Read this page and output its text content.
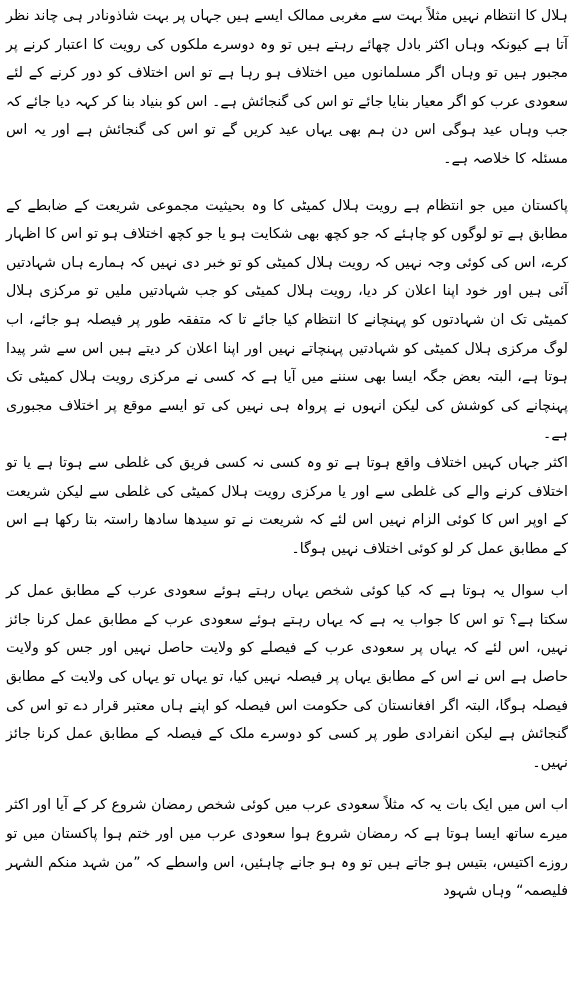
ہلال کا انتظام نہیں مثلاً بہت سے مغربی ممالک ایسے ہیں جہاں پر بہت شاذونادر ہی چاند نظر آتا ہے کیونکہ وہاں اکثر بادل چھائے رہتے ہیں تو وہ دوسرے ملکوں کی رویت کا اعتبار کرنے پر مجبور ہیں تو وہاں اگر مسلمانوں میں اختلاف ہو رہا ہے تو اس اختلاف کو دور کرنے کے لئے سعودی عرب کو اگر معیار بنایا جائے تو اس کی گنجائش ہے۔ اس کو بنیاد بنا کر کہہ دیا جائے کہ جب وہاں عید ہوگی اس دن ہم بھی یہاں عید کریں گے تو اس کی گنجائش ہے اور یہ اس مسئلہ کا خلاصہ ہے۔

پاکستان میں جو انتظام ہے رویت ہلال کمیٹی کا وہ بحیثیت مجموعی شریعت کے ضابطے کے مطابق ہے تو لوگوں کو چاہئے کہ جو کچھ بھی شکایت ہو یا جو کچھ اختلاف ہو تو اس کا اظہار کرے، اس کی کوئی وجہ نہیں کہ رویت ہلال کمیٹی کو تو خبر دی نہیں کہ ہمارے ہاں شہادتیں آئی ہیں اور خود اپنا اعلان کر دیا، رویت ہلال کمیٹی کو جب شہادتیں ملیں تو مرکزی ہلال کمیٹی تک ان شہادتوں کو پہنچانے کا انتظام کیا جائے تا کہ متفقہ طور پر فیصلہ ہو جائے، اب لوگ مرکزی ہلال کمیٹی کو شہادتیں پہنچاتے نہیں اور اپنا اعلان کر دیتے ہیں اس سے شر پیدا ہوتا ہے، البتہ بعض جگہ ایسا بھی سننے میں آیا ہے کہ کسی نے مرکزی رویت ہلال کمیٹی تک پہنچانے کی کوشش کی لیکن انہوں نے پرواہ ہی نہیں کی تو ایسے موقع پر اختلاف مجبوری ہے۔

اکثر جہاں کہیں اختلاف واقع ہوتا ہے تو وہ کسی نہ کسی فریق کی غلطی سے ہوتا ہے یا تو اختلاف کرنے والے کی غلطی سے اور یا مرکزی رویت ہلال کمیٹی کی غلطی سے لیکن شریعت کے اوپر اس کا کوئی الزام نہیں اس لئے کہ شریعت نے تو سیدھا سادھا راستہ بتا رکھا ہے اس کے مطابق عمل کر لو کوئی اختلاف نہیں ہوگا۔

اب سوال یہ ہوتا ہے کہ کیا کوئی شخص یہاں رہتے ہوئے سعودی عرب کے مطابق عمل کر سکتا ہے؟ تو اس کا جواب یہ ہے کہ یہاں رہتے ہوئے سعودی عرب کے مطابق عمل کرنا جائز نہیں، اس لئے کہ یہاں پر سعودی عرب کے فیصلے کو ولایت حاصل نہیں اور جس کو ولایت حاصل ہے اس نے اس کے مطابق یہاں پر فیصلہ نہیں کیا، تو یہاں تو یہاں کی ولایت کے مطابق فیصلہ ہوگا، البتہ اگر افغانستان کی حکومت اس فیصلہ کو اپنے ہاں معتبر قرار دے تو اس کی گنجائش ہے لیکن انفرادی طور پر کسی کو دوسرے ملک کے فیصلہ کے مطابق عمل کرنا جائز نہیں۔

اب اس میں ایک بات یہ کہ مثلاً سعودی عرب میں کوئی شخص رمضان شروع کر کے آیا اور اکثر میرے ساتھ ایسا ہوتا ہے کہ رمضان شروع ہوا سعودی عرب میں اور ختم ہوا پاکستان میں تو روزے اکتیس، بتیس ہو جاتے ہیں تو وہ ہو جانے چاہئیں، اس واسطے کہ ”من شہد منکم الشہر فلیصمہ“ وہاں شہود
